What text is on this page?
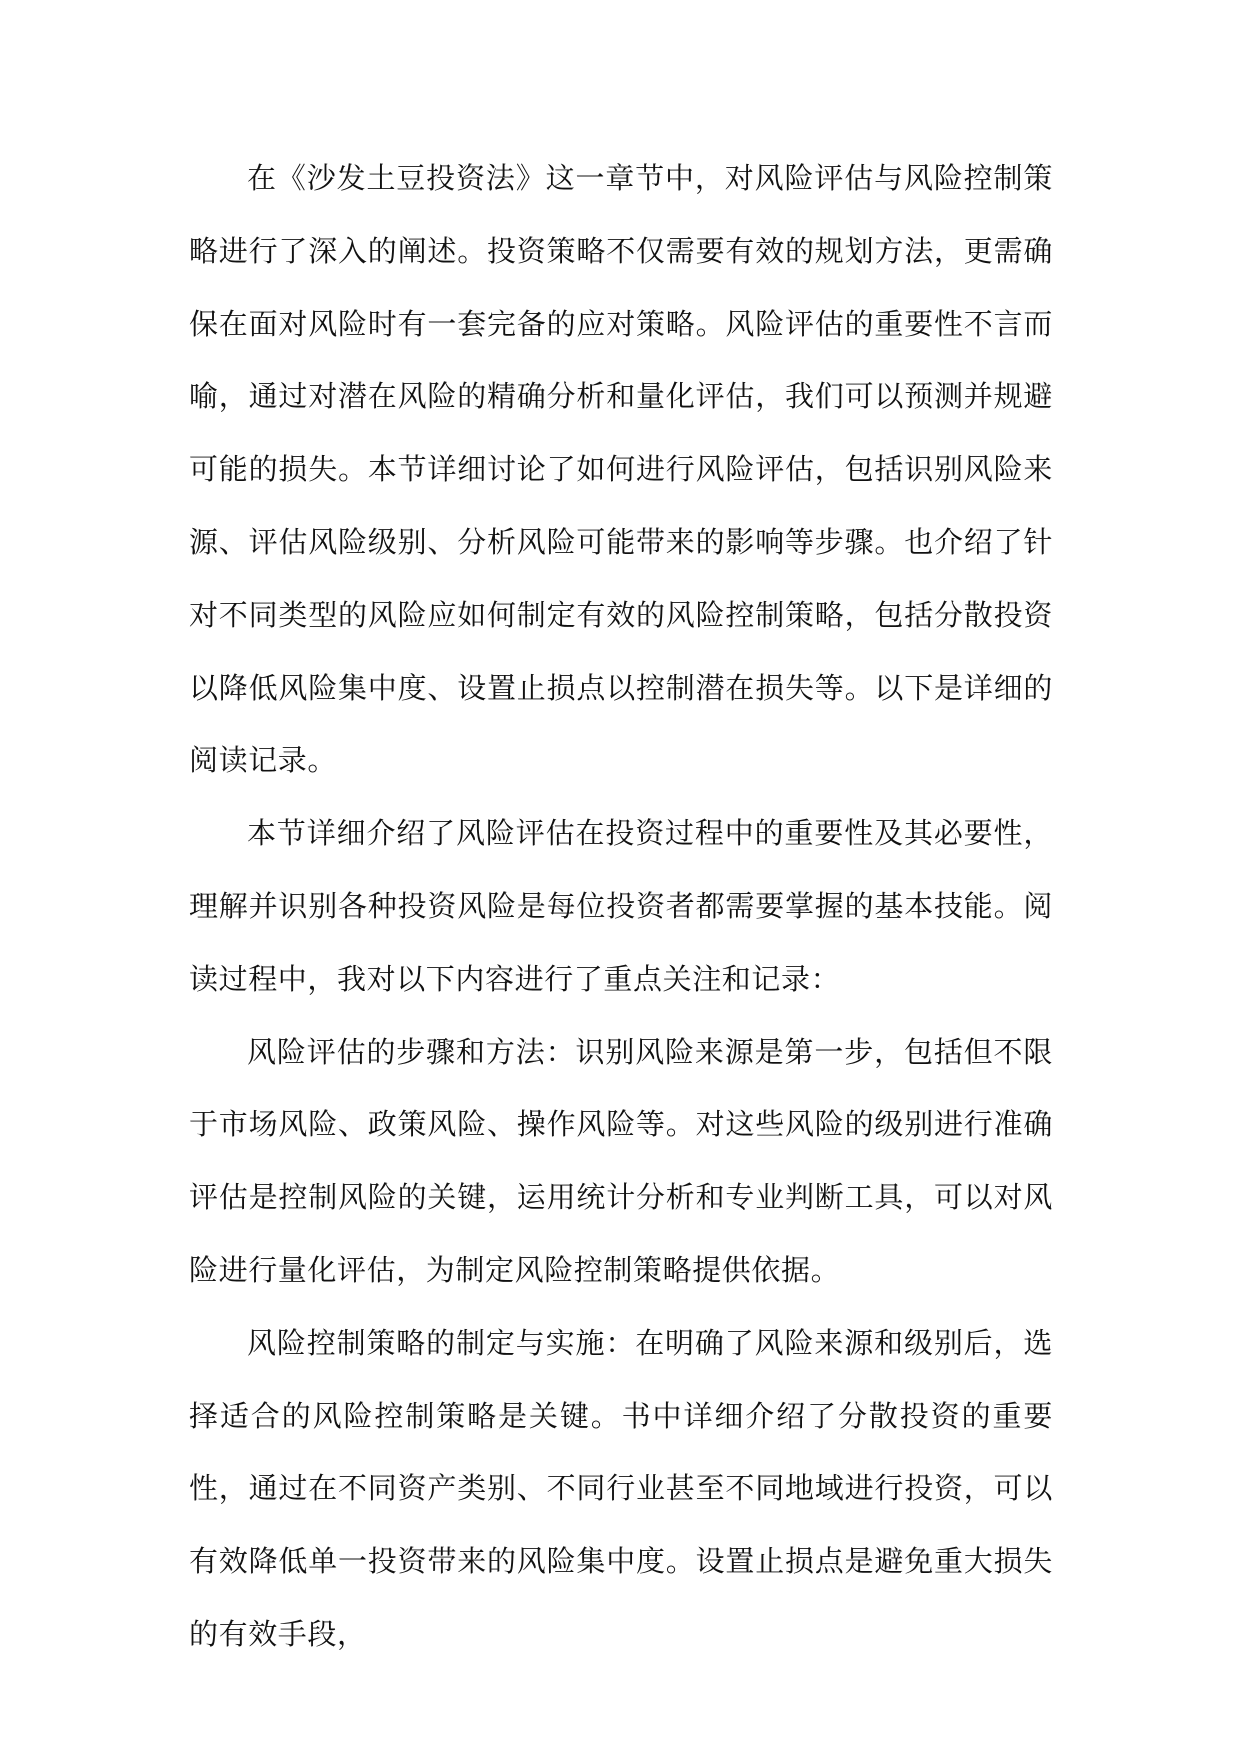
在《沙发土豆投资法》这一章节中，对风险评估与风险控制策略进行了深入的阐述。投资策略不仅需要有效的规划方法，更需确保在面对风险时有一套完备的应对策略。风险评估的重要性不言而喻，通过对潜在风险的精确分析和量化评估，我们可以预测并规避可能的损失。本节详细讨论了如何进行风险评估，包括识别风险来源、评估风险级别、分析风险可能带来的影响等步骤。也介绍了针对不同类型的风险应如何制定有效的风险控制策略，包括分散投资以降低风险集中度、设置止损点以控制潜在损失等。以下是详细的阅读记录。

本节详细介绍了风险评估在投资过程中的重要性及其必要性，理解并识别各种投资风险是每位投资者都需要掌握的基本技能。阅读过程中，我对以下内容进行了重点关注和记录：

风险评估的步骤和方法：识别风险来源是第一步，包括但不限于市场风险、政策风险、操作风险等。对这些风险的级别进行准确评估是控制风险的关键，运用统计分析和专业判断工具，可以对风险进行量化评估，为制定风险控制策略提供依据。

风险控制策略的制定与实施：在明确了风险来源和级别后，选择适合的风险控制策略是关键。书中详细介绍了分散投资的重要性，通过在不同资产类别、不同行业甚至不同地域进行投资，可以有效降低单一投资带来的风险集中度。设置止损点是避免重大损失的有效手段，
